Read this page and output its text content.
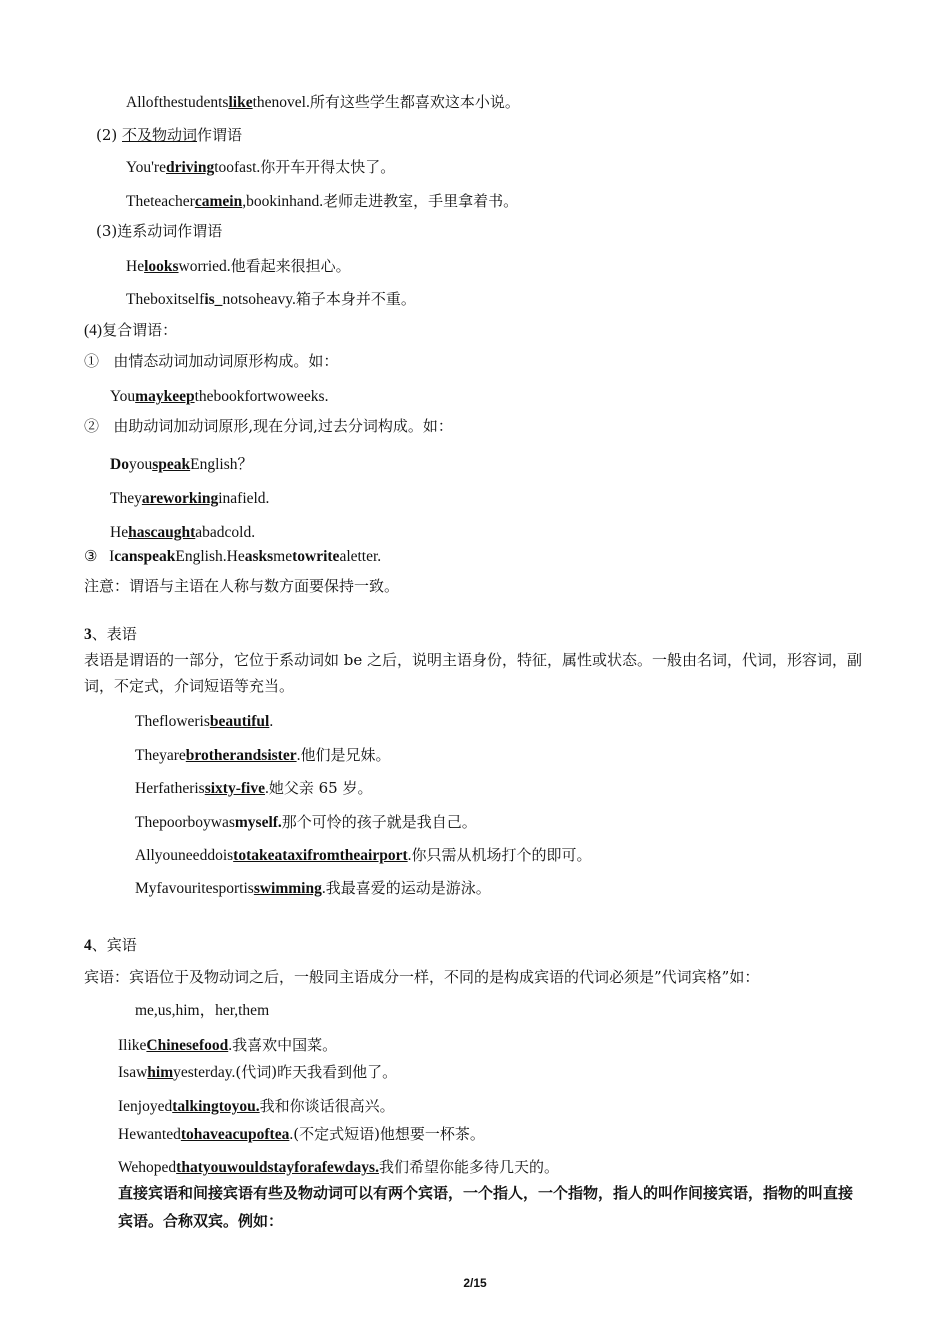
Allofthestudentslikethenovel.所有这些学生都喜欢这本小说。
(2) 不及物动词作谓语
You'redrivingtoofast.你开车开得太快了。
Theteachercamein,bookinhand.老师走进教室，手里拿着书。
(3)连系动词作谓语
Helooksworried.他看起来很担心。
Theboxitselfis_notsoheavy.箱子本身并不重。
(4)复合谓语：
① 由情态动词加动词原形构成。如：
Youmaykeepthebookfortwoweeks.
② 由助动词加动词原形,现在分词,过去分词构成。如：
DoyouspeakEnglish？
Theyareworkinginafield.
Hehascaughtabadcold.
③ IcanspeakEnglish.Heasksmetowritealetter.
注意：谓语与主语在人称与数方面要保持一致。
3、表语
表语是谓语的一部分，它位于系动词如 be 之后，说明主语身份，特征，属性或状态。一般由名词，代词，形容词，副词，不定式，介词短语等充当。
Theflowerisbeautiful.
Theyarebrotherandsister.他们是兄妹。
Herfatherissixty-five.她父亲 65 岁。
Thepoorboywasmyself.那个可怜的孩子就是我自己。
Allyouneeddoistotakeataxifromtheairport.你只需从机场打个的即可。
Myfavouritesportisswimming.我最喜爱的运动是游泳。
4、宾语
宾语：宾语位于及物动词之后，一般同主语成分一样，不同的是构成宾语的代词必须是”代词宾格”如：
me,us,him，her,them
IlikeChinesefood.我喜欢中国菜。
Isawhimyesterday.(代词)昨天我看到他了。
Ienjoyedtalkingtoyou.我和你谈话很高兴。
Hewantedtohaveacupoftea.(不定式短语)他想要一杯茶。
Wehopedthatyouwouldstayforafewdays.我们希望你能多待几天的。
直接宾语和间接宾语有些及物动词可以有两个宾语，一个指人，一个指物，指人的叫作间接宾语，指物的叫直接宾语。合称双宾。例如：
2/15
